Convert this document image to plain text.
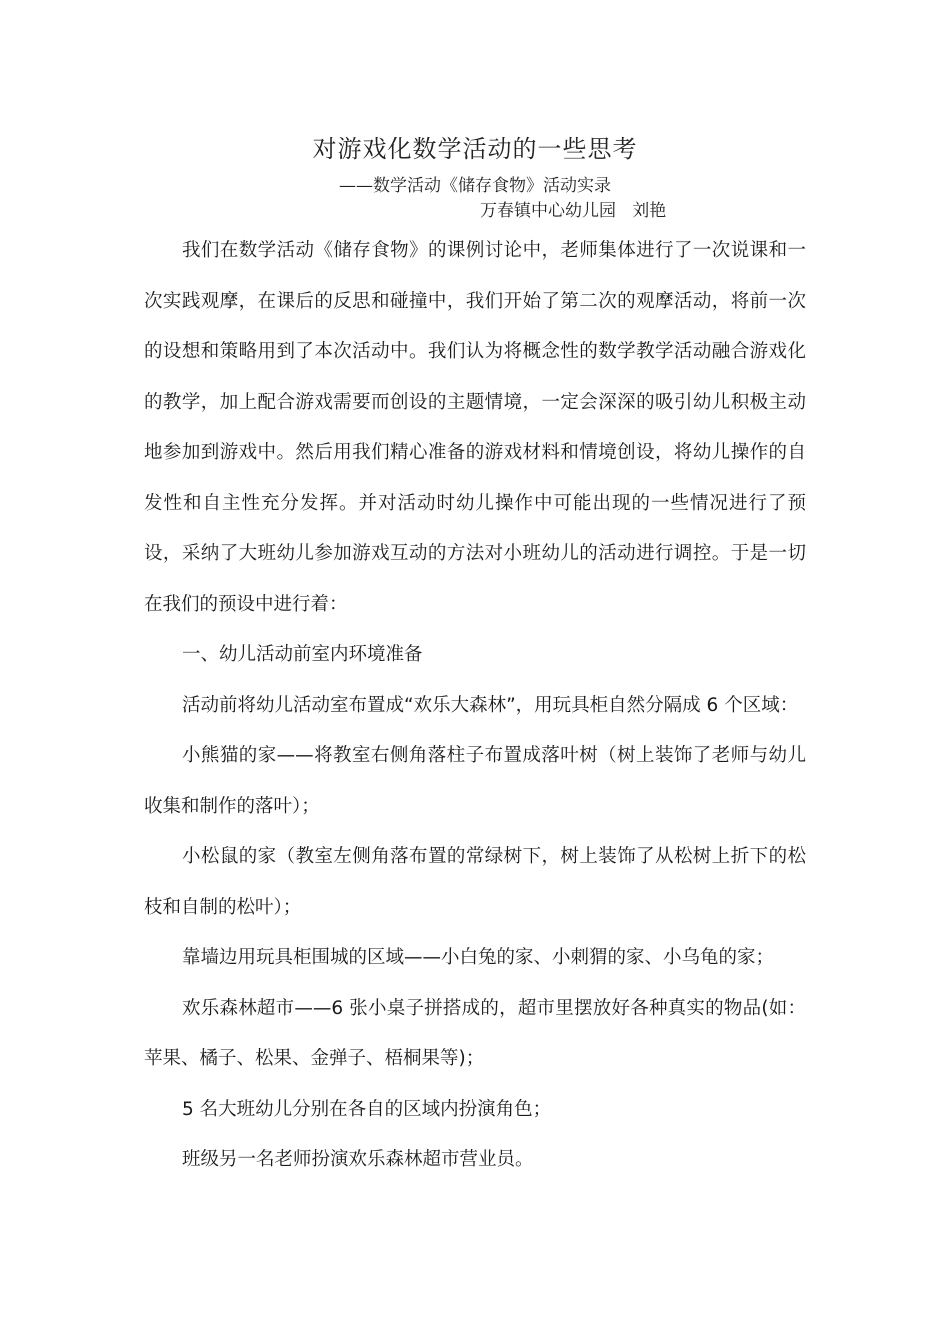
对游戏化数学活动的一些思考
——数学活动《储存食物》活动实录
万春镇中心幼儿园   刘艳

我们在数学活动《储存食物》的课例讨论中，老师集体进行了一次说课和一次实践观摩，在课后的反思和碰撞中，我们开始了第二次的观摩活动，将前一次的设想和策略用到了本次活动中。我们认为将概念性的数学教学活动融合游戏化的教学，加上配合游戏需要而创设的主题情境，一定会深深的吸引幼儿积极主动地参加到游戏中。然后用我们精心准备的游戏材料和情境创设，将幼儿操作的自发性和自主性充分发挥。并对活动时幼儿操作中可能出现的一些情况进行了预设，采纳了大班幼儿参加游戏互动的方法对小班幼儿的活动进行调控。于是一切在我们的预设中进行着：

一、幼儿活动前室内环境准备

活动前将幼儿活动室布置成“欢乐大森林”，用玩具柜自然分隔成 6 个区域：

小熊猫的家——将教室右侧角落柱子布置成落叶树（树上装饰了老师与幼儿收集和制作的落叶）；

小松鼠的家（教室左侧角落布置的常绿树下，树上装饰了从松树上折下的松枝和自制的松叶）；

靠墙边用玩具柜围城的区域——小白兔的家、小刺猬的家、小乌龟的家；

欢乐森林超市——6 张小桌子拼搭成的，超市里摆放好各种真实的物品(如：苹果、橘子、松果、金弹子、梧桐果等)；

5 名大班幼儿分别在各自的区域内扮演角色；

班级另一名老师扮演欢乐森林超市营业员。
